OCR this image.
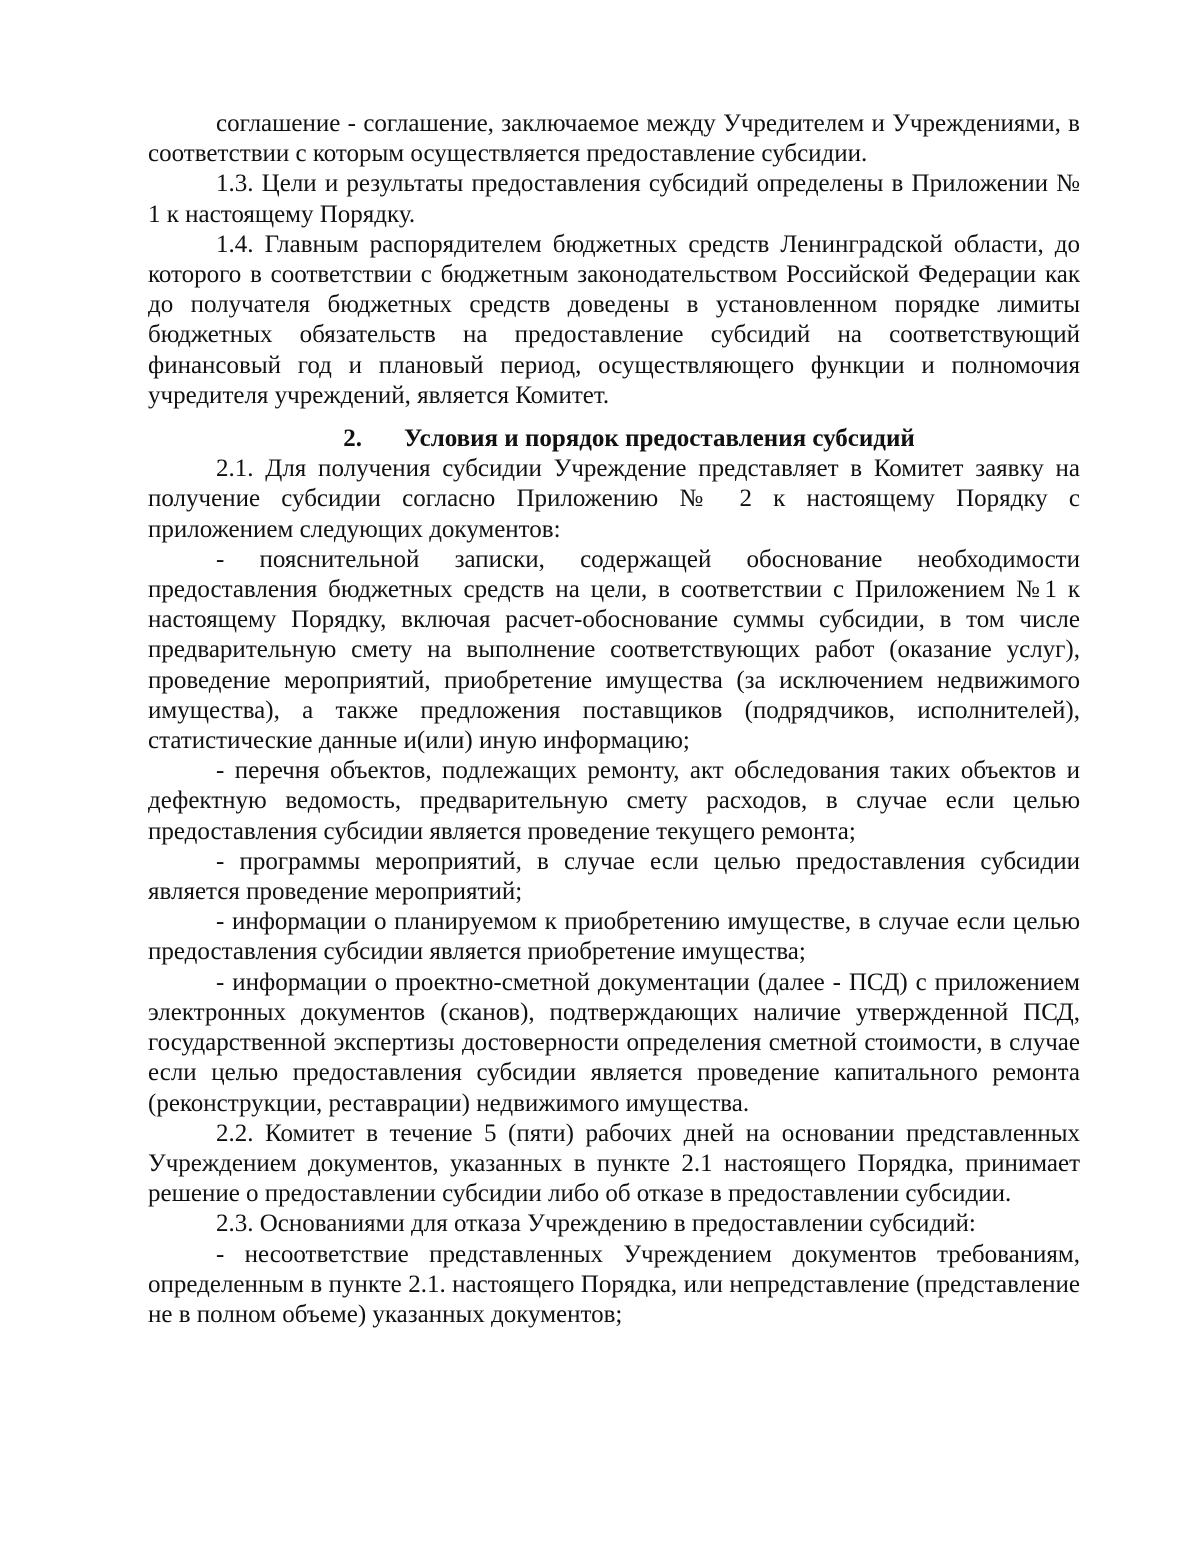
соглашение - соглашение, заключаемое между Учредителем и Учреждениями, в соответствии с которым осуществляется предоставление субсидии.

1.3. Цели и результаты предоставления субсидий определены в Приложении № 1 к настоящему Порядку.

1.4. Главным распорядителем бюджетных средств Ленинградской области, до которого в соответствии с бюджетным законодательством Российской Федерации как до получателя бюджетных средств доведены в установленном порядке лимиты бюджетных обязательств на предоставление субсидий на соответствующий финансовый год и плановый период, осуществляющего функции и полномочия учредителя учреждений, является Комитет.

2. Условия и порядок предоставления субсидий

2.1. Для получения субсидии Учреждение представляет в Комитет заявку на получение субсидии согласно Приложению № 2 к настоящему Порядку с приложением следующих документов:

- пояснительной записки, содержащей обоснование необходимости предоставления бюджетных средств на цели, в соответствии с Приложением №1 к настоящему Порядку, включая расчет-обоснование суммы субсидии, в том числе предварительную смету на выполнение соответствующих работ (оказание услуг), проведение мероприятий, приобретение имущества (за исключением недвижимого имущества), а также предложения поставщиков (подрядчиков, исполнителей), статистические данные и(или) иную информацию;

- перечня объектов, подлежащих ремонту, акт обследования таких объектов и дефектную ведомость, предварительную смету расходов, в случае если целью предоставления субсидии является проведение текущего ремонта;

- программы мероприятий, в случае если целью предоставления субсидии является проведение мероприятий;

- информации о планируемом к приобретению имуществе, в случае если целью предоставления субсидии является приобретение имущества;

- информации о проектно-сметной документации (далее - ПСД) с приложением электронных документов (сканов), подтверждающих наличие утвержденной ПСД, государственной экспертизы достоверности определения сметной стоимости, в случае если целью предоставления субсидии является проведение капитального ремонта (реконструкции, реставрации) недвижимого имущества.

2.2. Комитет в течение 5 (пяти) рабочих дней на основании представленных Учреждением документов, указанных в пункте 2.1 настоящего Порядка, принимает решение о предоставлении субсидии либо об отказе в предоставлении субсидии.

2.3. Основаниями для отказа Учреждению в предоставлении субсидий:

- несоответствие представленных Учреждением документов требованиям, определенным в пункте 2.1. настоящего Порядка, или непредставление (представление не в полном объеме) указанных документов;
